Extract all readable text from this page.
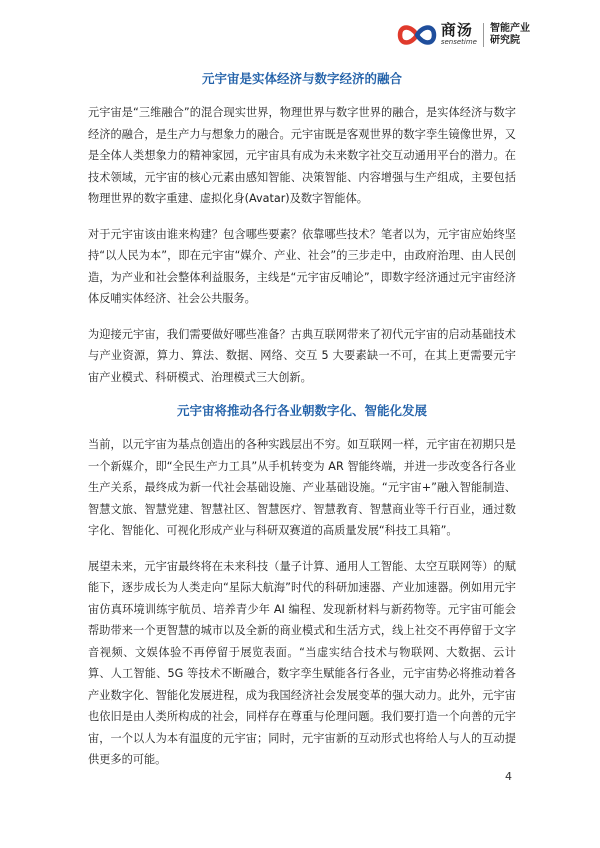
商汤
sensetime
智能产业
研究院
元宇宙是实体经济与数字经济的融合

元宇宙是“三维融合”的混合现实世界，物理世界与数字世界的融合，是实体经济与数字经济的融合，是生产力与想象力的融合。元宇宙既是客观世界的数字孪生镜像世界，又是全体人类想象力的精神家园，元宇宙具有成为未来数字社交互动通用平台的潜力。在技术领域，元宇宙的核心元素由感知智能、决策智能、内容增强与生产组成，主要包括物理世界的数字重建、虚拟化身(Avatar)及数字智能体。

对于元宇宙该由谁来构建？包含哪些要素？依靠哪些技术？笔者以为，元宇宙应始终坚持“以人民为本”，即在元宇宙“媒介、产业、社会”的三步走中，由政府治理、由人民创造，为产业和社会整体利益服务，主线是“元宇宙反哺论”，即数字经济通过元宇宙经济体反哺实体经济、社会公共服务。

为迎接元宇宙，我们需要做好哪些准备？古典互联网带来了初代元宇宙的启动基础技术与产业资源，算力、算法、数据、网络、交互 5 大要素缺一不可，在其上更需要元宇宙产业模式、科研模式、治理模式三大创新。

元宇宙将推动各行各业朝数字化、智能化发展

当前，以元宇宙为基点创造出的各种实践层出不穷。如互联网一样，元宇宙在初期只是一个新媒介，即“全民生产力工具”从手机转变为 AR 智能终端，并进一步改变各行各业生产关系，最终成为新一代社会基础设施、产业基础设施。“元宇宙+”融入智能制造、智慧文旅、智慧党建、智慧社区、智慧医疗、智慧教育、智慧商业等千行百业，通过数字化、智能化、可视化形成产业与科研双赛道的高质量发展“科技工具箱”。

展望未来，元宇宙最终将在未来科技（量子计算、通用人工智能、太空互联网等）的赋能下，逐步成长为人类走向“星际大航海”时代的科研加速器、产业加速器。例如用元宇宙仿真环境训练宇航员、培养青少年 AI 编程、发现新材料与新药物等。元宇宙可能会帮助带来一个更智慧的城市以及全新的商业模式和生活方式，线上社交不再停留于文字音视频、文娱体验不再停留于展览表面。“当虚实结合技术与物联网、大数据、云计算、人工智能、5G 等技术不断融合，数字孪生赋能各行各业，元宇宙势必将推动着各产业数字化、智能化发展进程，成为我国经济社会发展变革的强大动力。此外，元宇宙也依旧是由人类所构成的社会，同样存在尊重与伦理问题。我们要打造一个向善的元宇宙，一个以人为本有温度的元宇宙；同时，元宇宙新的互动形式也将给人与人的互动提供更多的可能。

4
